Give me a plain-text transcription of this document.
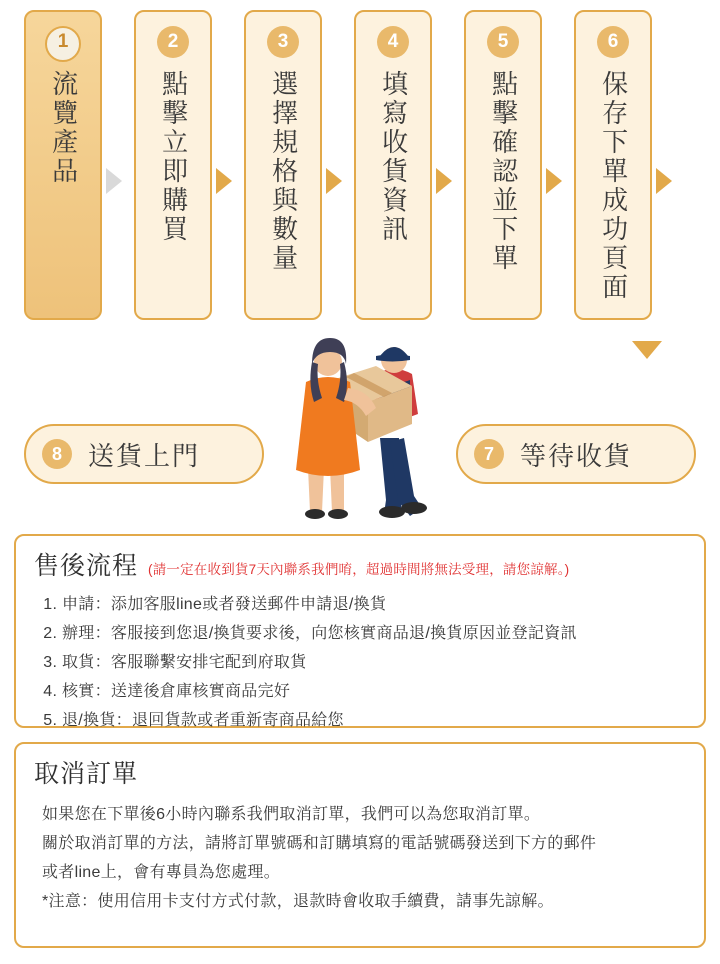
1
流覽產品
2
點擊立即購買
3
選擇規格與數量
4
填寫收貨資訊
5
點擊確認並下單
6
保存下單成功頁面
8	送貨上門	7	等待收貨
售後流程 (請一定在收到貨7天內聯系我們唷，超過時間將無法受理，請您諒解。)
1. 申請：添加客服line或者發送郵件申請退/換貨
2. 辦理：客服接到您退/換貨要求後，向您核實商品退/換貨原因並登記資訊
3. 取貨：客服聯繫安排宅配到府取貨
4. 核實：送達後倉庫核實商品完好
5. 退/換貨：退回貨款或者重新寄商品給您
取消訂單

如果您在下單後6小時內聯系我們取消訂單，我們可以為您取消訂單。

關於取消訂單的方法，請將訂單號碼和訂購填寫的電話號碼發送到下方的郵件

或者line上，會有專員為您處理。

*注意：使用信用卡支付方式付款，退款時會收取手續費，請事先諒解。
